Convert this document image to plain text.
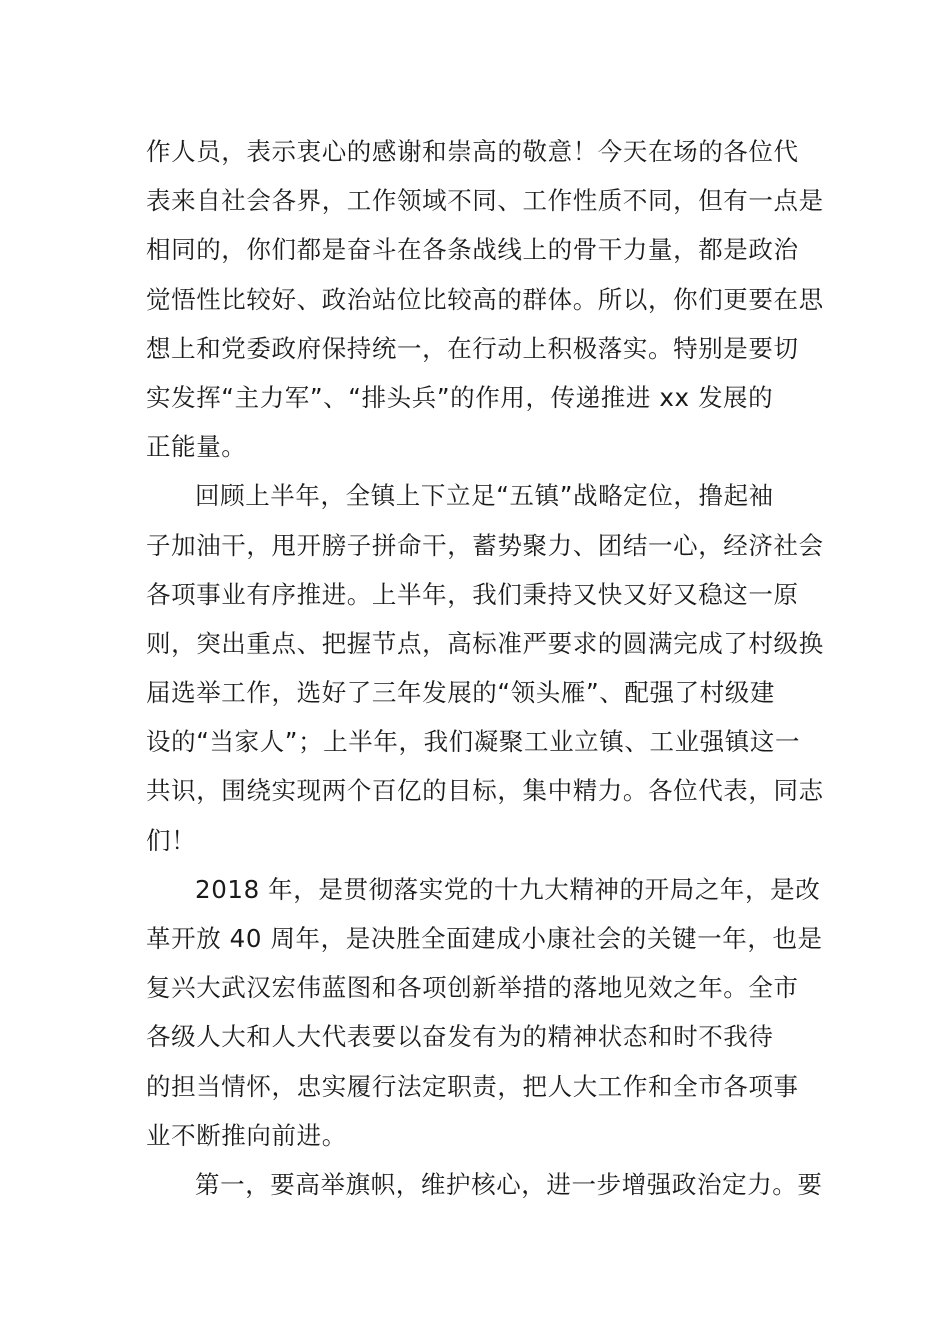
作人员，表示衷心的感谢和崇高的敬意！今天在场的各位代
表来自社会各界，工作领域不同、工作性质不同，但有一点是
相同的，你们都是奋斗在各条战线上的骨干力量，都是政治
觉悟性比较好、政治站位比较高的群体。所以，你们更要在思
想上和党委政府保持统一，在行动上积极落实。特别是要切
实发挥“主力军”、“排头兵”的作用，传递推进 xx 发展的
正能量。
回顾上半年，全镇上下立足“五镇”战略定位，撸起袖
子加油干，甩开膀子拼命干，蓄势聚力、团结一心，经济社会
各项事业有序推进。上半年，我们秉持又快又好又稳这一原
则，突出重点、把握节点，高标准严要求的圆满完成了村级换
届选举工作，选好了三年发展的“领头雁”、配强了村级建
设的“当家人”；上半年，我们凝聚工业立镇、工业强镇这一
共识，围绕实现两个百亿的目标，集中精力。各位代表，同志
们！
2018 年，是贯彻落实党的十九大精神的开局之年，是改
革开放 40 周年，是决胜全面建成小康社会的关键一年，也是
复兴大武汉宏伟蓝图和各项创新举措的落地见效之年。全市
各级人大和人大代表要以奋发有为的精神状态和时不我待
的担当情怀，忠实履行法定职责，把人大工作和全市各项事
业不断推向前进。
第一，要高举旗帜，维护核心，进一步增强政治定力。要
